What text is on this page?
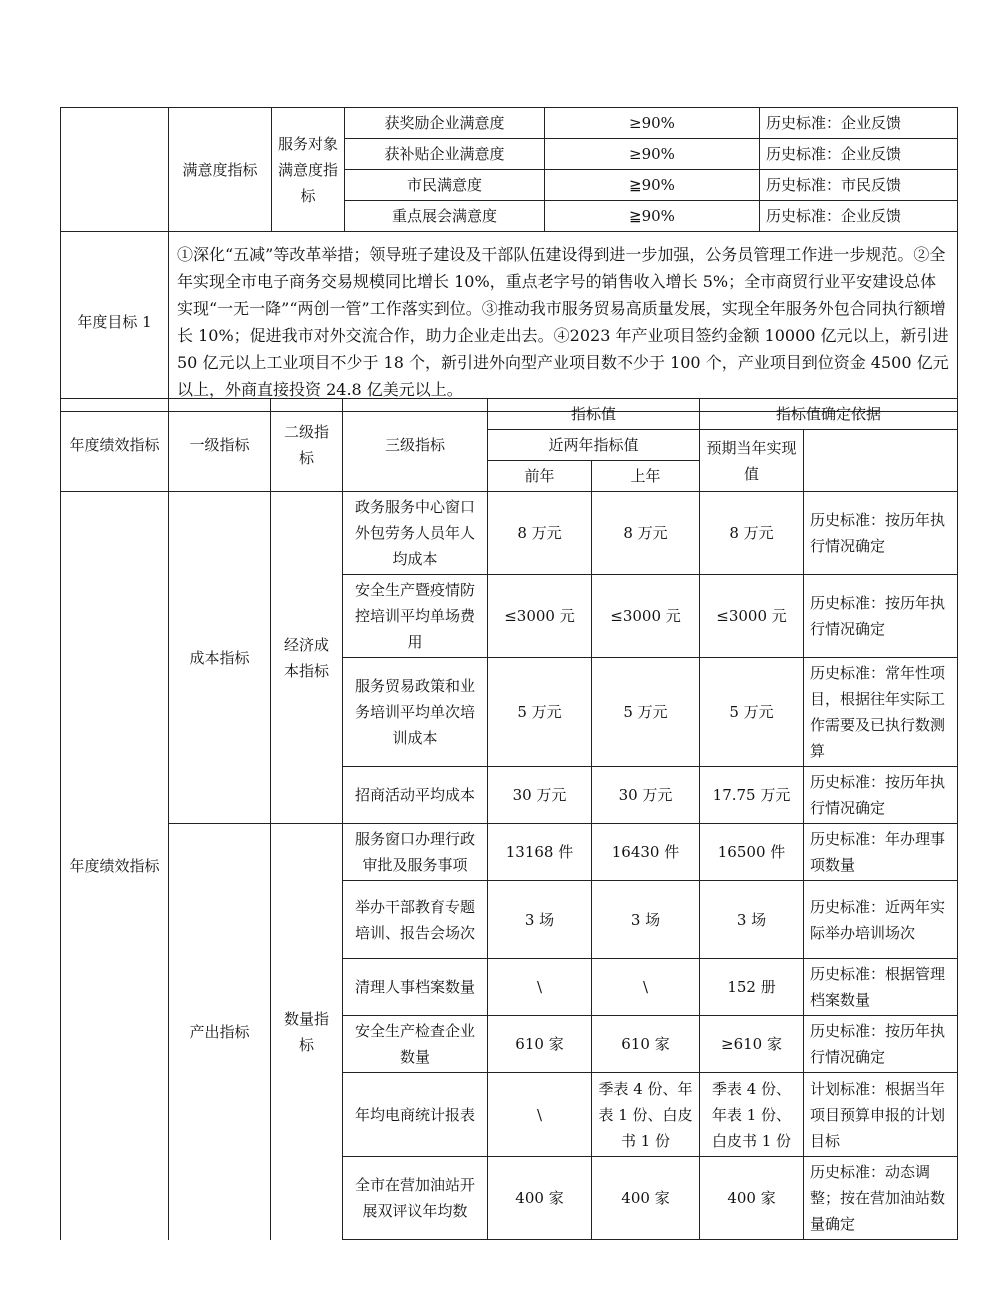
	满意度指标	服务对象满意度指标	获奖励企业满意度	≥90%	历史标准：企业反馈
			获补贴企业满意度	≥90%	历史标准：企业反馈
			市民满意度	≧90%	历史标准：市民反馈
			重点展会满意度	≧90%	历史标准：企业反馈
年度目标 1	①深化“五减”等改革举措；领导班子建设及干部队伍建设得到进一步加强，公务员管理工作进一步规范。②全年实现全市电子商务交易规模同比增长 10%，重点老字号的销售收入增长 5%；全市商贸行业平安建设总体实现“一无一降”“两创一管”工作落实到位。③推动我市服务贸易高质量发展，实现全年服务外包合同执行额增长 10%；促进我市对外交流合作，助力企业走出去。④2023 年产业项目签约金额 10000 亿元以上，新引进 50 亿元以上工业项目不少于 18 个，新引进外向型产业项目数不少于 100 个，产业项目到位资金 4500 亿元以上，外商直接投资 24.8 亿美元以上。				
年度绩效指标	一级指标	二级指标	三级指标	指标值		指标值确定依据	
				近两年指标值		预期当年实现值	
				前年	上年		
年度绩效指标	成本指标	经济成本指标	政务服务中心窗口外包劳务人员年人均成本	8 万元	8 万元	8 万元	历史标准：按历年执行情况确定
			安全生产暨疫情防控培训平均单场费用	≤3000 元	≤3000 元	≤3000 元	历史标准：按历年执行情况确定
			服务贸易政策和业务培训平均单次培训成本	5 万元	5 万元	5 万元	历史标准：常年性项目，根据往年实际工作需要及已执行数测算
			招商活动平均成本	30 万元	30 万元	17.75 万元	历史标准：按历年执行情况确定
	产出指标	数量指标	服务窗口办理行政审批及服务事项	13168 件	16430 件	16500 件	历史标准：年办理事项数量
			举办干部教育专题培训、报告会场次	3 场	3 场	3 场	历史标准：近两年实际举办培训场次
			清理人事档案数量	\	\	152 册	历史标准：根据管理档案数量
			安全生产检查企业数量	610 家	610 家	≥610 家	历史标准：按历年执行情况确定
			年均电商统计报表	\	季表 4 份、年表 1 份、白皮书 1 份	季表 4 份、年表 1 份、白皮书 1 份	计划标准：根据当年项目预算申报的计划目标
			全市在营加油站开展双评议年均数	400 家	400 家	400 家	历史标准：动态调整；按在营加油站数量确定
